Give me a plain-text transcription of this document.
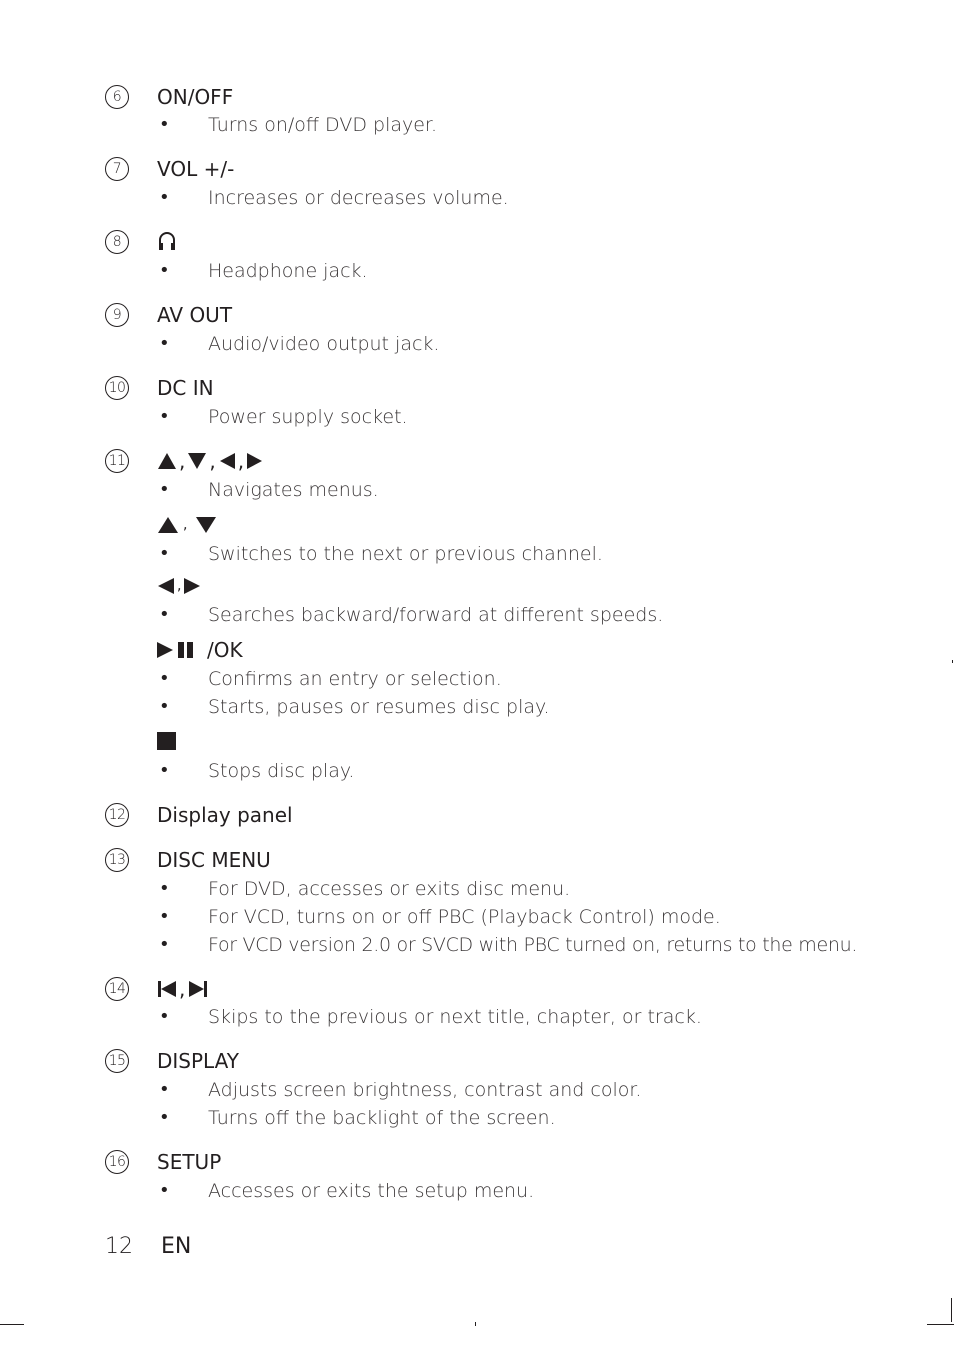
6 ON/OFF
• Turns on/off DVD player.
7 VOL +/-
• Increases or decreases volume.
8
• Headphone jack.
9 AV OUT
• Audio/video output jack.
10 DC IN
• Power supply socket.
11	, , ,
• Navigates menus.
,
• Switches to the next or previous channel.
,
• Searches backward/forward at different speeds.
/OK
• Confirms an entry or selection.
• Starts, pauses or resumes disc play.
• Stops disc play.
12 Display panel
13 DISC MENU
• For DVD, accesses or exits disc menu.
• For VCD, turns on or off PBC (Playback Control) mode.
• For VCD version 2.0 or SVCD with PBC turned on, returns to the menu.
14	,
• Skips to the previous or next title, chapter, or track.
15 DISPLAY
• Adjusts screen brightness, contrast and color.
• Turns off the backlight of the screen.
16 SETUP
• Accesses or exits the setup menu.
12 EN
